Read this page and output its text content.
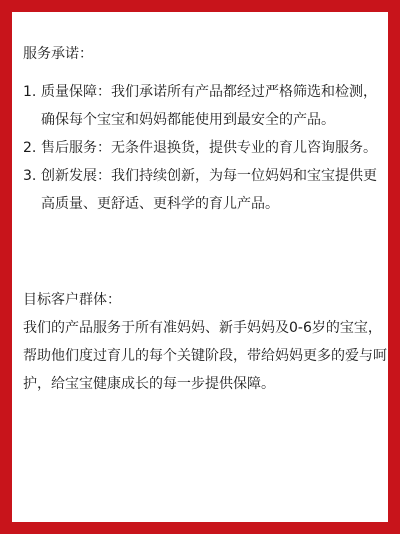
服务承诺：
1. 质量保障：我们承诺所有产品都经过严格筛选和检测，确保每个宝宝和妈妈都能使用到最安全的产品。
2. 售后服务：无条件退换货，提供专业的育儿咨询服务。
3. 创新发展：我们持续创新，为每一位妈妈和宝宝提供更高质量、更舒适、更科学的育儿产品。
目标客户群体：

我们的产品服务于所有准妈妈、新手妈妈及0-6岁的宝宝，帮助他们度过育儿的每个关键阶段，带给妈妈更多的爱与呵护，给宝宝健康成长的每一步提供保障。
